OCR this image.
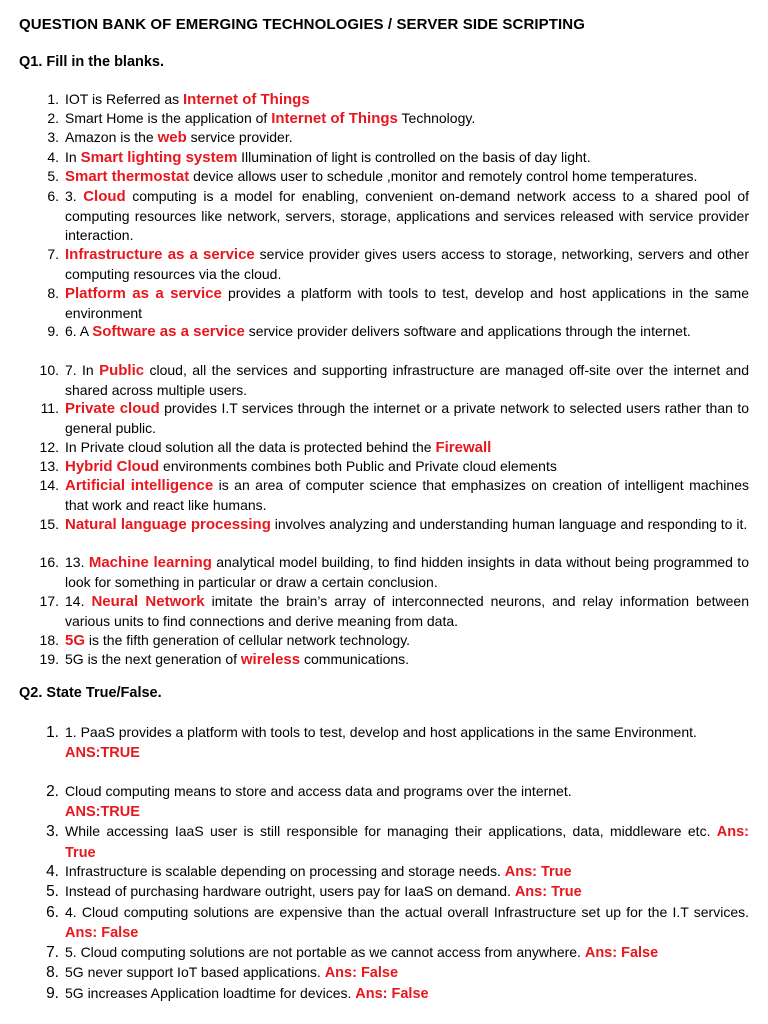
QUESTION BANK OF EMERGING TECHNOLOGIES / SERVER SIDE SCRIPTING
Q1. Fill in the blanks.
1. IOT is Referred as Internet of Things
2. Smart Home is the application of Internet of Things Technology.
3. Amazon is the web service provider.
4. In Smart lighting system Illumination of light is controlled on the basis of day light.
5. Smart thermostat device allows user to schedule ,monitor and remotely control home temperatures.
6. 3. Cloud computing is a model for enabling, convenient on-demand network access to a shared pool of computing resources like network, servers, storage, applications and services released with service provider interaction.
7. Infrastructure as a service service provider gives users access to storage, networking, servers and other computing resources via the cloud.
8. Platform as a service provides a platform with tools to test, develop and host applications in the same environment
9. 6. A Software as a service service provider delivers software and applications through the internet.
10. 7. In Public cloud, all the services and supporting infrastructure are managed off-site over the internet and shared across multiple users.
11. Private cloud provides I.T services through the internet or a private network to selected users rather than to general public.
12. In Private cloud solution all the data is protected behind the Firewall
13. Hybrid Cloud environments combines both Public and Private cloud elements
14. Artificial intelligence is an area of computer science that emphasizes on creation of intelligent machines that work and react like humans.
15. Natural language processing involves analyzing and understanding human language and responding to it.
16. 13. Machine learning analytical model building, to find hidden insights in data without being programmed to look for something in particular or draw a certain conclusion.
17. 14. Neural Network imitate the brain’s array of interconnected neurons, and relay information between various units to find connections and derive meaning from data.
18. 5G is the fifth generation of cellular network technology.
19. 5G is the next generation of wireless communications.
Q2. State True/False.
1. 1. PaaS provides a platform with tools to test, develop and host applications in the same Environment.
ANS:TRUE
2. Cloud computing means to store and access data and programs over the internet.
ANS:TRUE
3. While accessing IaaS user is still responsible for managing their applications, data, middleware etc. Ans: True
4. Infrastructure is scalable depending on processing and storage needs. Ans: True
5. Instead of purchasing hardware outright, users pay for IaaS on demand. Ans: True
6. 4. Cloud computing solutions are expensive than the actual overall Infrastructure set up for the I.T services. Ans: False
7. 5. Cloud computing solutions are not portable as we cannot access from anywhere. Ans: False
8. 5G never support IoT based applications. Ans: False
9. 5G increases Application loadtime for devices. Ans: False
